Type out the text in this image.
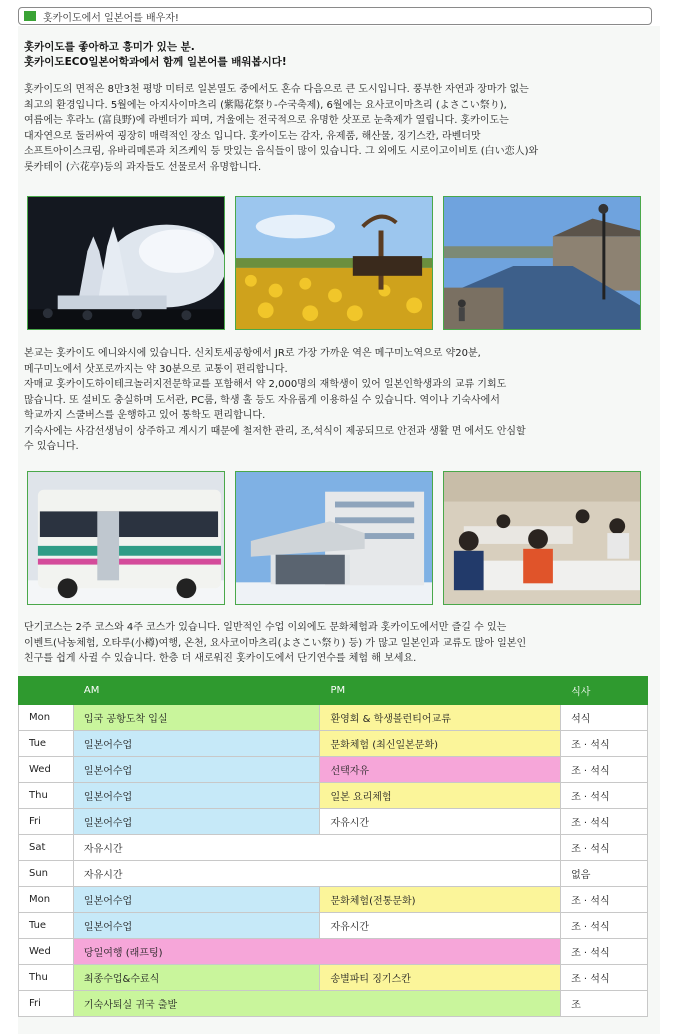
홋카이도에서 일본어를 배우자!
홋카이도를 좋아하고 흥미가 있는 분.
홋카이도ECO일본어학과에서 함께 일본어를 배워봅시다!
홋카이도의 면적은 8만3천 평방 미터로 일본열도 중에서도 혼슈 다음으로 큰 도시입니다. 풍부한 자연과 장마가 없는
최고의 환경입니다. 5월에는 아지사이마츠리 (紫陽花祭り-수국축제), 6월에는 요사코이마츠리 (よさこい祭り),
여름에는 후라노 (富良野)에 라벤더가 피며, 겨울에는 전국적으로 유명한 삿포로 눈축제가 열립니다. 홋카이도는
대자연으로 둘러싸여 굉장히 매력적인 장소 입니다. 홋카이도는 감자, 유제품, 해산물, 징기스칸, 라벤더맛
소프트아이스크림, 유바리메론과 치즈케익 등 맛있는 음식들이 많이 있습니다. 그 외에도 시로이고이비토 (白い恋人)와
롯카테이 (六花亭)등의 과자들도 선물로서 유명합니다.
본교는 홋카이도 에니와시에 있습니다. 신치토세공항에서 JR로 가장 가까운 역은 메구미노역으로 약20분,
메구미노에서 삿포로까지는 약 30분으로 교통이 편리합니다.
자매교 홋카이도하이테크놀러지전문학교를 포함해서 약 2,000명의 재학생이 있어 일본인학생과의 교류 기회도
많습니다. 또 설비도 충실하며 도서관, PC룸, 학생 홀 등도 자유롭게 이용하실 수 있습니다. 역이나 기숙사에서
학교까지 스쿨버스를 운행하고 있어 통학도 편리합니다.
기숙사에는 사감선생님이 상주하고 계시기 때문에 철저한 관리, 조,석식이 제공되므로 안전과 생활 면 에서도 안심할
수 있습니다.
단기코스는 2주 코스와 4주 코스가 있습니다. 일반적인 수업 이외에도 문화체험과 홋카이도에서만 즐길 수 있는
이벤트(낙농체험, 오타루(小樽)여행, 온천, 요사코이마츠리(よさこい祭り) 등) 가 많고 일본인과 교류도 많아 일본인
친구를 쉽게 사귈 수 있습니다. 한층 더 새로워진 홋카이도에서 단기연수를 체험 해 보세요.
	AM	PM	식사
Mon	입국 공항도착 입실	환영회 & 학생볼런티어교류	석식
Tue	일본어수업	문화체험 (최신일본문화)	조 · 석식
Wed	일본어수업	선택자유	조 · 석식
Thu	일본어수업	일본 요리체험	조 · 석식
Fri	일본어수업	자유시간	조 · 석식
Sat	자유시간		조 · 석식
Sun	자유시간		없음
Mon	일본어수업	문화체험(전통문화)	조 · 석식
Tue	일본어수업	자유시간	조 · 석식
Wed	당일여행 (래프팅)		조 · 석식
Thu	최종수업&수료식	송별파티 징기스칸	조 · 석식
Fri	기숙사퇴실 귀국 출발		조
